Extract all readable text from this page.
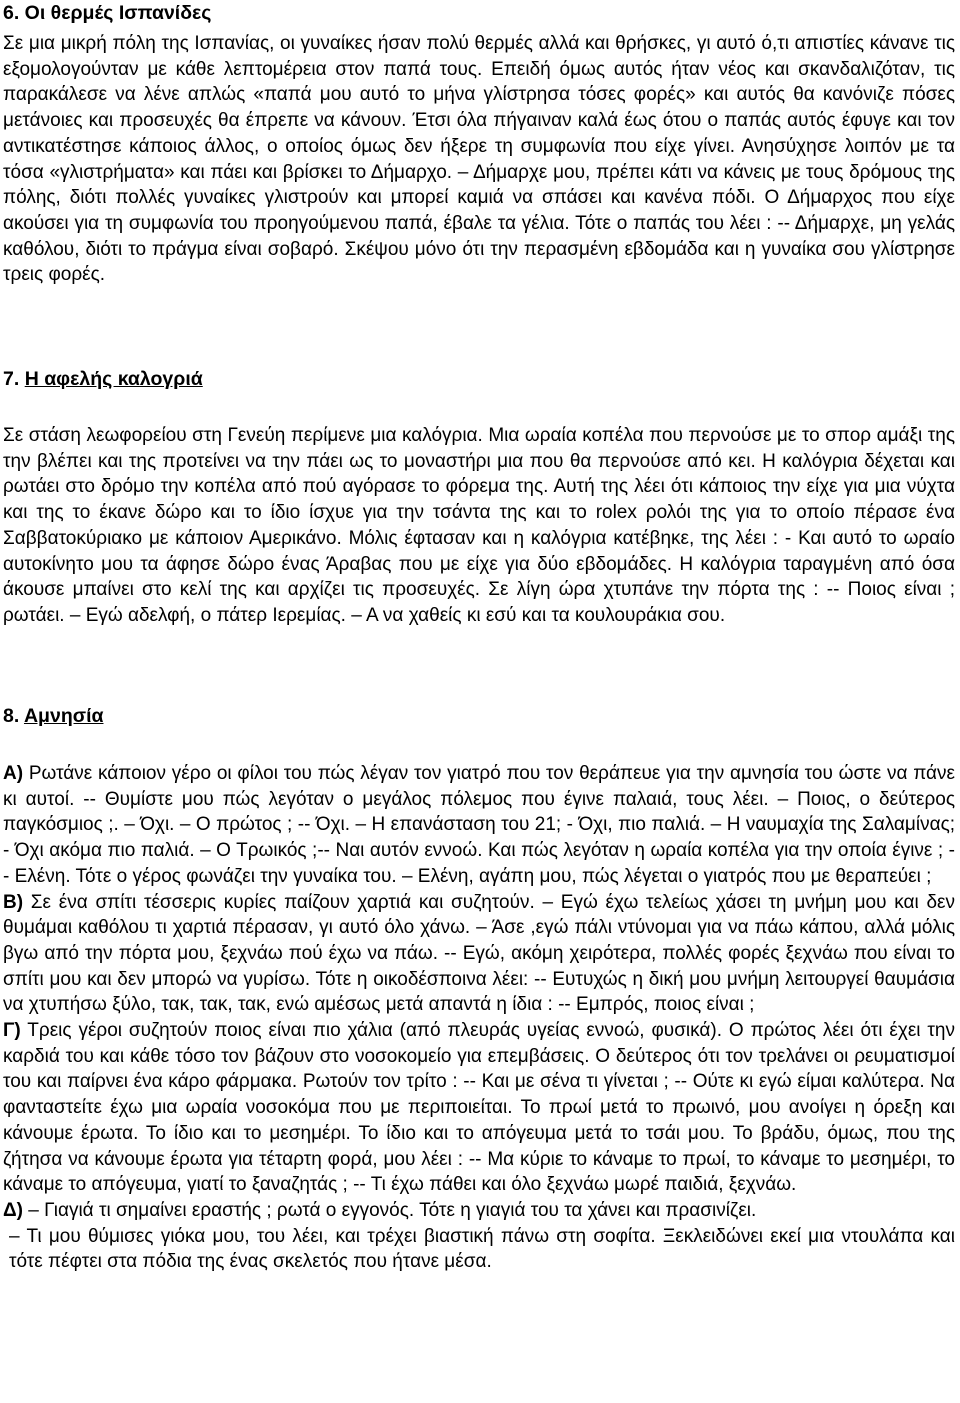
6. Οι θερμές Ισπανίδες

Σε μια μικρή πόλη της Ισπανίας, οι γυναίκες ήσαν πολύ θερμές αλλά και θρήσκες, γι αυτό ό,τι απιστίες κάνανε τις εξομολογούνταν με κάθε λεπτομέρεια στον παπά τους. Επειδή όμως αυτός ήταν νέος και σκανδαλιζόταν, τις παρακάλεσε να λένε απλώς «παπά μου αυτό το μήνα γλίστρησα τόσες φορές» και αυτός θα κανόνιζε πόσες μετάνοιες και προσευχές θα έπρεπε να κάνουν. Έτσι όλα πήγαιναν καλά έως ότου ο παπάς αυτός έφυγε και τον αντικατέστησε κάποιος άλλος, ο οποίος όμως δεν ήξερε τη συμφωνία που είχε γίνει. Ανησύχησε λοιπόν με τα τόσα «γλιστρήματα» και πάει και βρίσκει το Δήμαρχο. – Δήμαρχε μου, πρέπει κάτι να κάνεις με τους δρόμους της πόλης, διότι πολλές γυναίκες γλιστρούν και μπορεί καμιά να σπάσει και κανένα πόδι. Ο Δήμαρχος που είχε ακούσει για τη συμφωνία του προηγούμενου παπά, έβαλε τα γέλια. Τότε ο παπάς του λέει : -- Δήμαρχε, μη γελάς καθόλου, διότι το πράγμα είναι σοβαρό. Σκέψου μόνο ότι την περασμένη εβδομάδα και η γυναίκα σου γλίστρησε τρεις φορές.

7. Η αφελής καλογριά

Σε στάση λεωφορείου στη Γενεύη περίμενε μια καλόγρια. Μια ωραία κοπέλα που περνούσε με το σπορ αμάξι της την βλέπει και της προτείνει να την πάει ως το μοναστήρι μια που θα περνούσε από κει. Η καλόγρια δέχεται και ρωτάει στο δρόμο την κοπέλα από πού αγόρασε το φόρεμα της. Αυτή της λέει ότι κάποιος την είχε για μια νύχτα και της το έκανε δώρο και το ίδιο ίσχυε για την τσάντα της και το rolex ρολόι της για το οποίο πέρασε ένα Σαββατοκύριακο με κάποιον Αμερικάνο. Μόλις έφτασαν και η καλόγρια κατέβηκε, της λέει : - Και αυτό το ωραίο αυτοκίνητο μου τα άφησε δώρο ένας Άραβας που με είχε για δύο εβδομάδες. Η καλόγρια ταραγμένη από όσα άκουσε μπαίνει στο κελί της και αρχίζει τις προσευχές. Σε λίγη ώρα χτυπάνε την πόρτα της : -- Ποιος είναι ; ρωτάει. – Εγώ αδελφή, ο πάτερ Ιερεμίας. – Α να χαθείς κι εσύ και τα κουλουράκια σου.

8. Αμνησία
Α) Ρωτάνε κάποιον γέρο οι φίλοι του πώς λέγαν τον γιατρό που τον θεράπευε για την αμνησία του ώστε να πάνε κι αυτοί. -- Θυμίστε μου πώς λεγόταν ο μεγάλος πόλεμος που έγινε παλαιά, τους λέει. – Ποιος, ο δεύτερος παγκόσμιος ;. – Όχι. – Ο πρώτος ; -- Όχι. – Η επανάσταση του 21; - Όχι, πιο παλιά. – Η ναυμαχία της Σαλαμίνας; - Όχι ακόμα πιο παλιά. – Ο Τρωικός ;-- Ναι αυτόν εννοώ. Και πώς λεγόταν η ωραία κοπέλα για την οποία έγινε ; -- Ελένη. Τότε ο γέρος φωνάζει την γυναίκα του. – Ελένη, αγάπη μου, πώς λέγεται ο γιατρός που με θεραπεύει ;
Β) Σε ένα σπίτι τέσσερις κυρίες παίζουν χαρτιά και συζητούν. – Εγώ έχω τελείως χάσει τη μνήμη μου και δεν θυμάμαι καθόλου τι χαρτιά πέρασαν, γι αυτό όλο χάνω. – Άσε ,εγώ πάλι ντύνομαι για να πάω κάπου, αλλά μόλις βγω από την πόρτα μου, ξεχνάω πού έχω να πάω. -- Εγώ, ακόμη χειρότερα, πολλές φορές ξεχνάω που είναι το σπίτι μου και δεν μπορώ να γυρίσω. Τότε η οικοδέσποινα λέει: -- Ευτυχώς η δική μου μνήμη λειτουργεί θαυμάσια να χτυπήσω ξύλο, τακ, τακ, τακ, ενώ αμέσως μετά απαντά η ίδια : -- Εμπρός, ποιος είναι ;
Γ) Τρεις γέροι συζητούν ποιος είναι πιο χάλια (από πλευράς υγείας εννοώ, φυσικά). Ο πρώτος λέει ότι έχει την καρδιά του και κάθε τόσο τον βάζουν στο νοσοκομείο για επεμβάσεις. Ο δεύτερος ότι τον τρελάνει οι ρευματισμοί του και παίρνει ένα κάρο φάρμακα. Ρωτούν τον τρίτο : -- Και με σένα τι γίνεται ; -- Ούτε κι εγώ είμαι καλύτερα. Να φανταστείτε έχω μια ωραία νοσοκόμα που με περιποιείται. Το πρωί μετά το πρωινό, μου ανοίγει η όρεξη και κάνουμε έρωτα. Το ίδιο και το μεσημέρι. Το ίδιο και το απόγευμα μετά το τσάι μου. Το βράδυ, όμως, που της ζήτησα να κάνουμε έρωτα για τέταρτη φορά, μου λέει : -- Μα κύριε το κάναμε το πρωί, το κάναμε το μεσημέρι, το κάναμε το απόγευμα, γιατί το ξαναζητάς ; -- Τι έχω πάθει και όλο ξεχνάω μωρέ παιδιά, ξεχνάω.
Δ) – Γιαγιά τι σημαίνει εραστής ; ρωτά ο εγγονός. Τότε η γιαγιά του τα χάνει και πρασινίζει.
– Τι μου θύμισες γιόκα μου, του λέει, και τρέχει βιαστική πάνω στη σοφίτα. Ξεκλειδώνει εκεί μια ντουλάπα και τότε πέφτει στα πόδια της ένας σκελετός που ήτανε μέσα.
